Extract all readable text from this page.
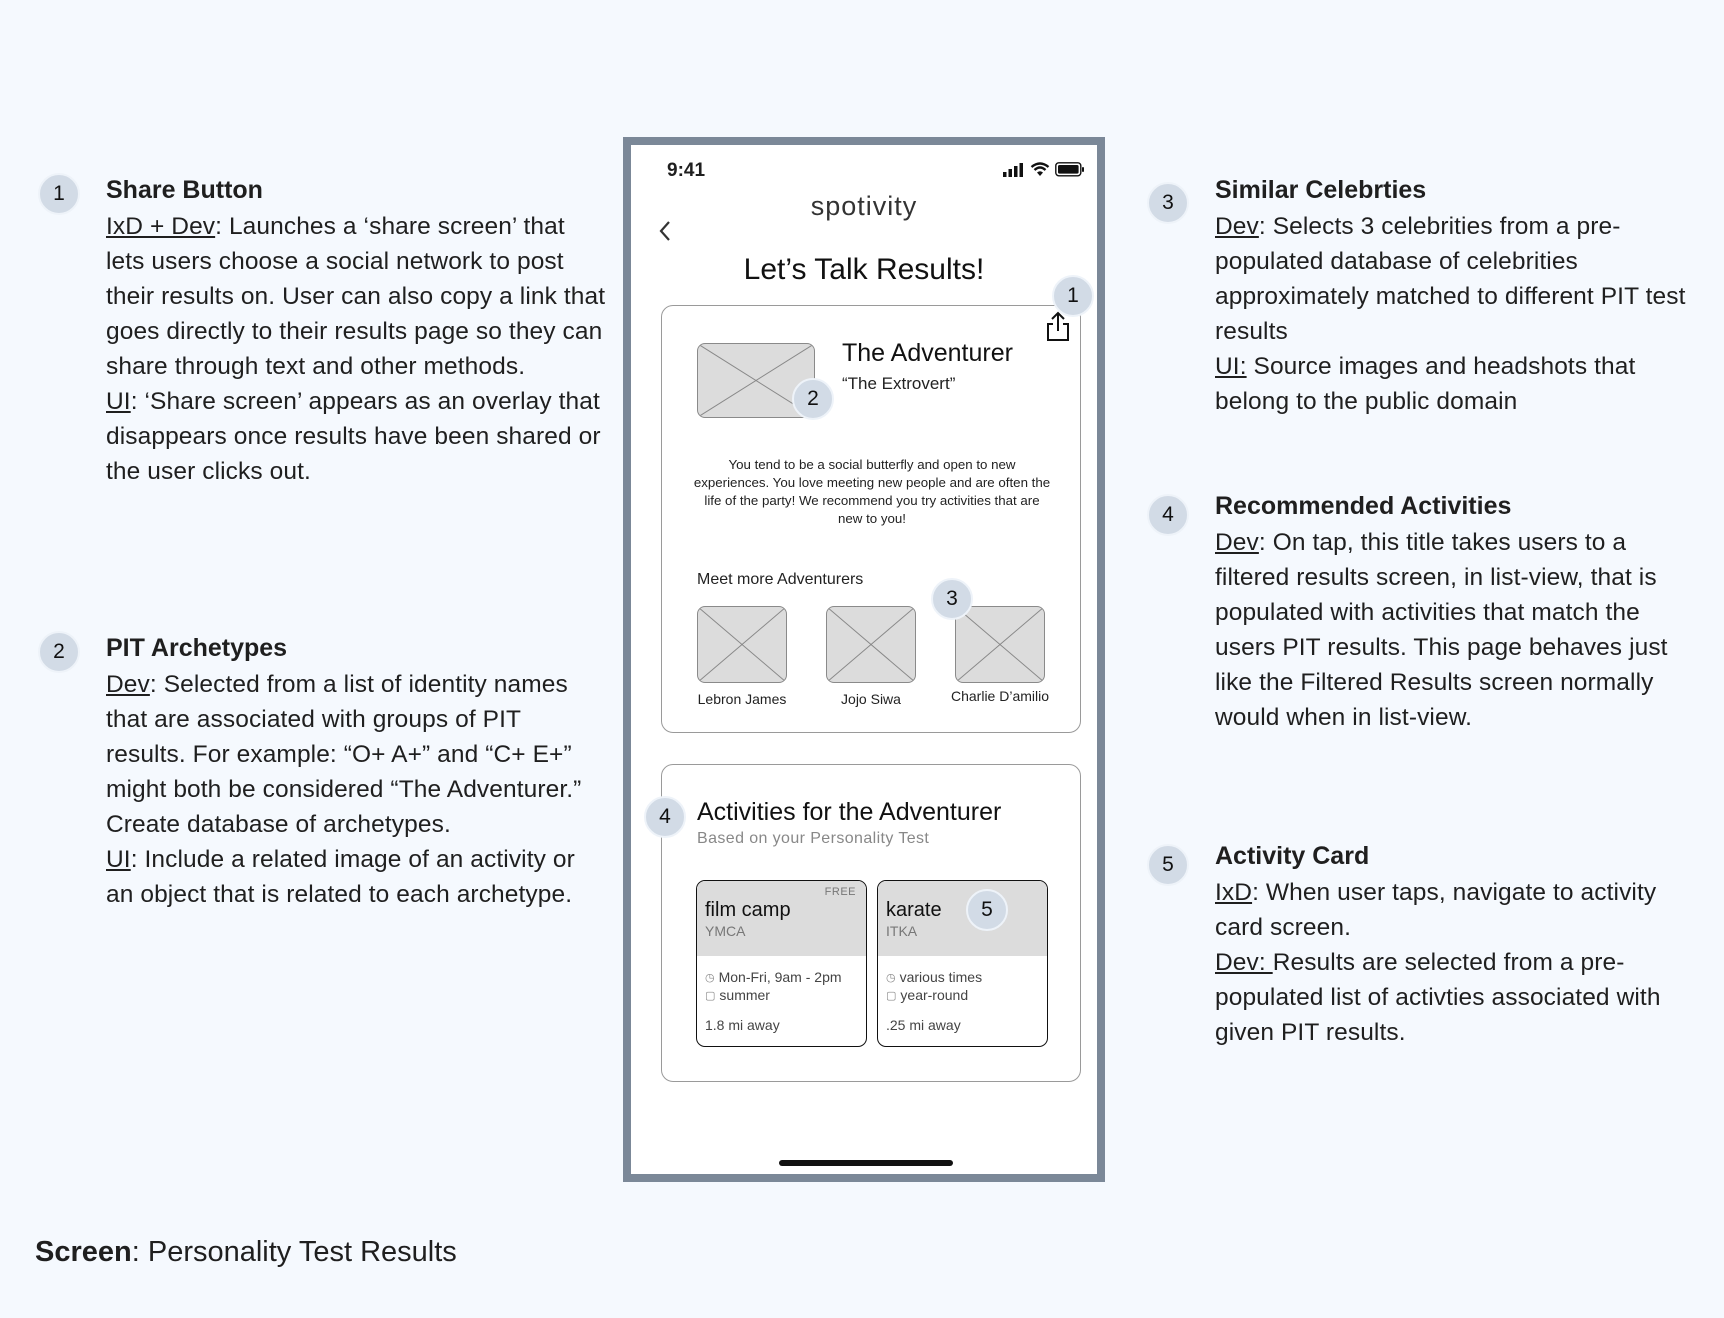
1	Share Button

IxD + Dev: Launches a ‘share screen’ that lets users choose a social network to post their results on. User can also copy a link that goes directly to their results page so they can share through text and other methods.
UI: ‘Share screen’ appears as an overlay that disappears once results have been shared or the user clicks out.

2	PIT Archetypes

Dev: Selected from a list of identity names that are associated with groups of PIT results. For example: “O+ A+” and “C+ E+” might both be considered “The Adventurer.” Create database of archetypes.
UI: Include a related image of an activity or an object that is related to each archetype.

3	Similar Celebrties

Dev: Selects 3 celebrities from a pre-populated database of celebrities approximately matched to different PIT test results
UI: Source images and headshots that belong to the public domain

4	Recommended Activities

Dev: On tap, this title takes users to a filtered results screen, in list-view, that is populated with activities that match the users PIT results. This page behaves just like the Filtered Results screen normally would when in list-view.

5	Activity Card

IxD: When user taps, navigate to activity card screen.
Dev: Results are selected from a pre-populated list of activties associated with given PIT results.

Screen: Personality Test Results
9:41
spotivity
Let’s Talk Results!
The Adventurer
“The Extrovert”
You tend to be a social butterfly and open to new experiences. You love meeting new people and are often the life of the party! We recommend you try activities that are new to you!
Meet more Adventurers
Lebron James	Jojo Siwa	Charlie D’amilio
Activities for the Adventurer
Based on your Personality Test
FREE
film camp
YMCA
◷ Mon-Fri, 9am - 2pm
▢ summer
1.8 mi away
karate
ITKA
◷ various times
▢ year-round
.25 mi away
1
2
3
4
5
